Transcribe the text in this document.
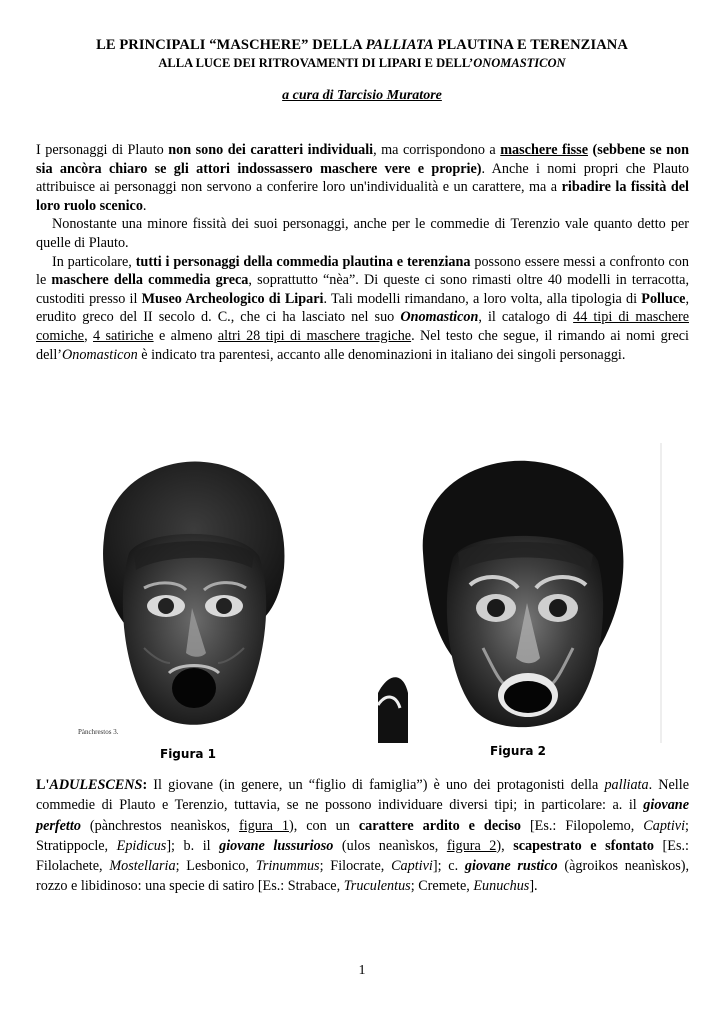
LE PRINCIPALI “MASCHERE” DELLA PALLIATA PLAUTINA E TERENZIANA
ALLA LUCE DEI RITROVAMENTI DI LIPARI E DELL’ONOMASTICON
a cura di Tarcisio Muratore

I personaggi di Plauto non sono dei caratteri individuali, ma corrispondono a maschere fisse (sebbene se non sia ancòra chiaro se gli attori indossassero maschere vere e proprie). Anche i nomi propri che Plauto attribuisce ai personaggi non servono a conferire loro un'individualità e un carattere, ma a ribadire la fissità del loro ruolo scenico.

Nonostante una minore fissità dei suoi personaggi, anche per le commedie di Terenzio vale quanto detto per quelle di Plauto.

In particolare, tutti i personaggi della commedia plautina e terenziana possono essere messi a confronto con le maschere della commedia greca, soprattutto “nèa”. Di queste ci sono rimasti oltre 40 modelli in terracotta, custoditi presso il Museo Archeologico di Lipari. Tali modelli rimandano, a loro volta, alla tipologia di Polluce, erudito greco del II secolo d. C., che ci ha lasciato nel suo Onomasticon, il catalogo di 44 tipi di maschere comiche, 4 satiriche e almeno altri 28 tipi di maschere tragiche. Nel testo che segue, il rimando ai nomi greci dell’Onomasticon è indicato tra parentesi, accanto alle denominazioni in italiano dei singoli personaggi.

Pànchrestos 3.
Figura 1	Figura 2

L'ADULESCENS: Il giovane (in genere, un “figlio di famiglia”) è uno dei protagonisti della palliata. Nelle commedie di Plauto e Terenzio, tuttavia, se ne possono individuare diversi tipi; in particolare: a. il giovane perfetto (pànchrestos neanìskos, figura 1), con un carattere ardito e deciso [Es.: Filopolemo, Captivi; Stratippocle, Epidicus]; b. il giovane lussurioso (ulos neanìskos, figura 2), scapestrato e sfontato [Es.: Filolachete, Mostellaria; Lesbonico, Trinummus; Filocrate, Captivi]; c. giovane rustico (àgroikos neanìskos), rozzo e libidinoso: una specie di satiro [Es.: Strabace, Truculentus; Cremete, Eunuchus].

1
